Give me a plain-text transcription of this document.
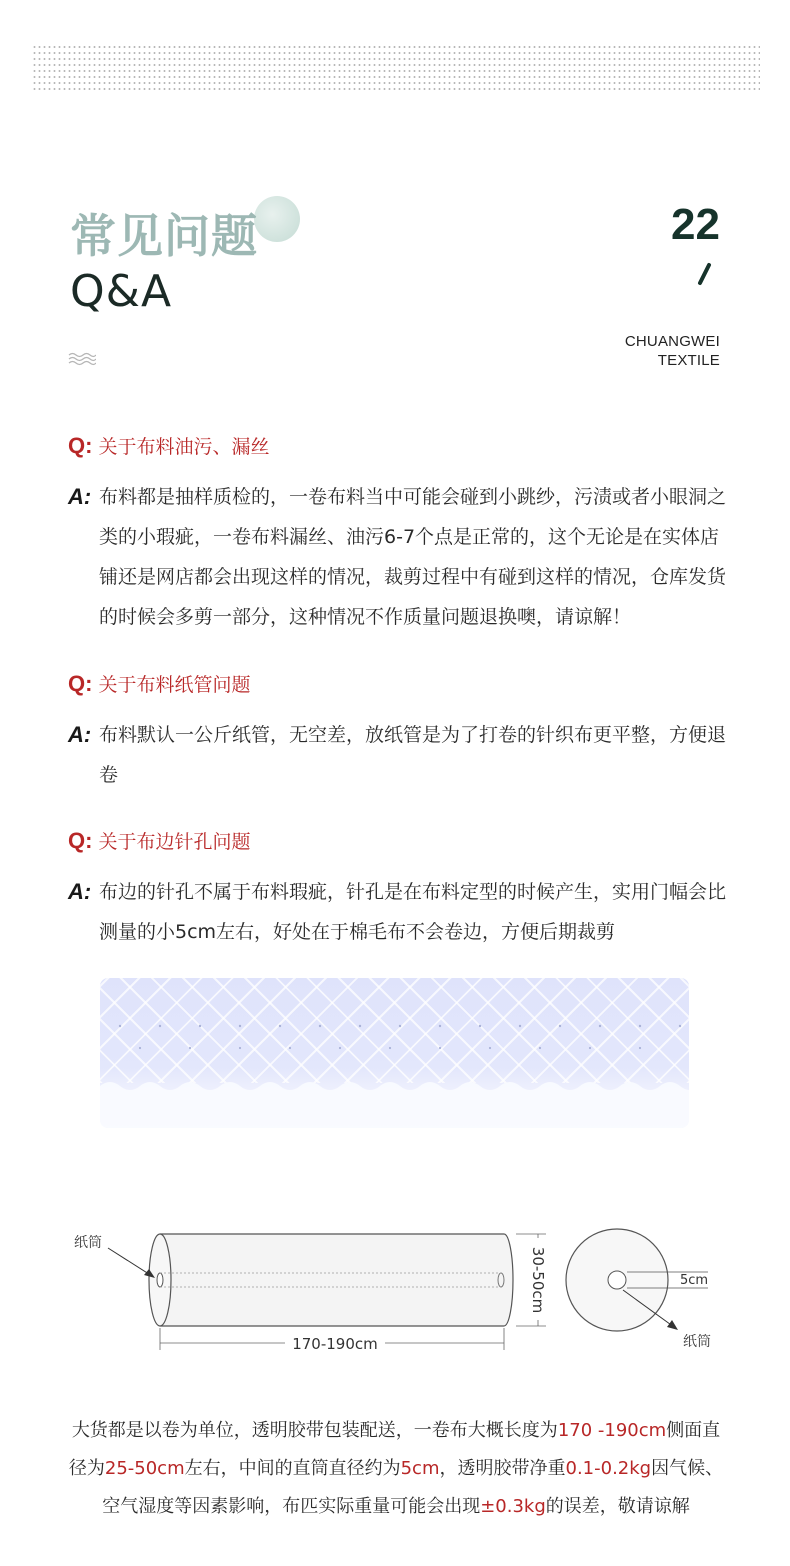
常见问题
Q&A
22
CHUANGWEI
TEXTILE
Q: 关于布料油污、漏丝
A: 布料都是抽样质检的，一卷布料当中可能会碰到小跳纱，污渍或者小眼洞之类的小瑕疵，一卷布料漏丝、油污6-7个点是正常的，这个无论是在实体店铺还是网店都会出现这样的情况，裁剪过程中有碰到这样的情况，仓库发货的时候会多剪一部分，这种情况不作质量问题退换噢，请谅解！
Q: 关于布料纸管问题
A: 布料默认一公斤纸管，无空差，放纸管是为了打卷的针织布更平整，方便退卷
Q: 关于布边针孔问题
A: 布边的针孔不属于布料瑕疵，针孔是在布料定型的时候产生，实用门幅会比测量的小5cm左右，好处在于棉毛布不会卷边，方便后期裁剪
纸筒
170-190cm
30-50cm	5cm
纸筒
大货都是以卷为单位，透明胶带包装配送，一卷布大概长度为170 -190cm侧面直径为25-50cm左右，中间的直筒直径约为5cm，透明胶带净重0.1-0.2kg因气候、空气湿度等因素影响，布匹实际重量可能会出现±0.3kg的误差，敬请谅解
